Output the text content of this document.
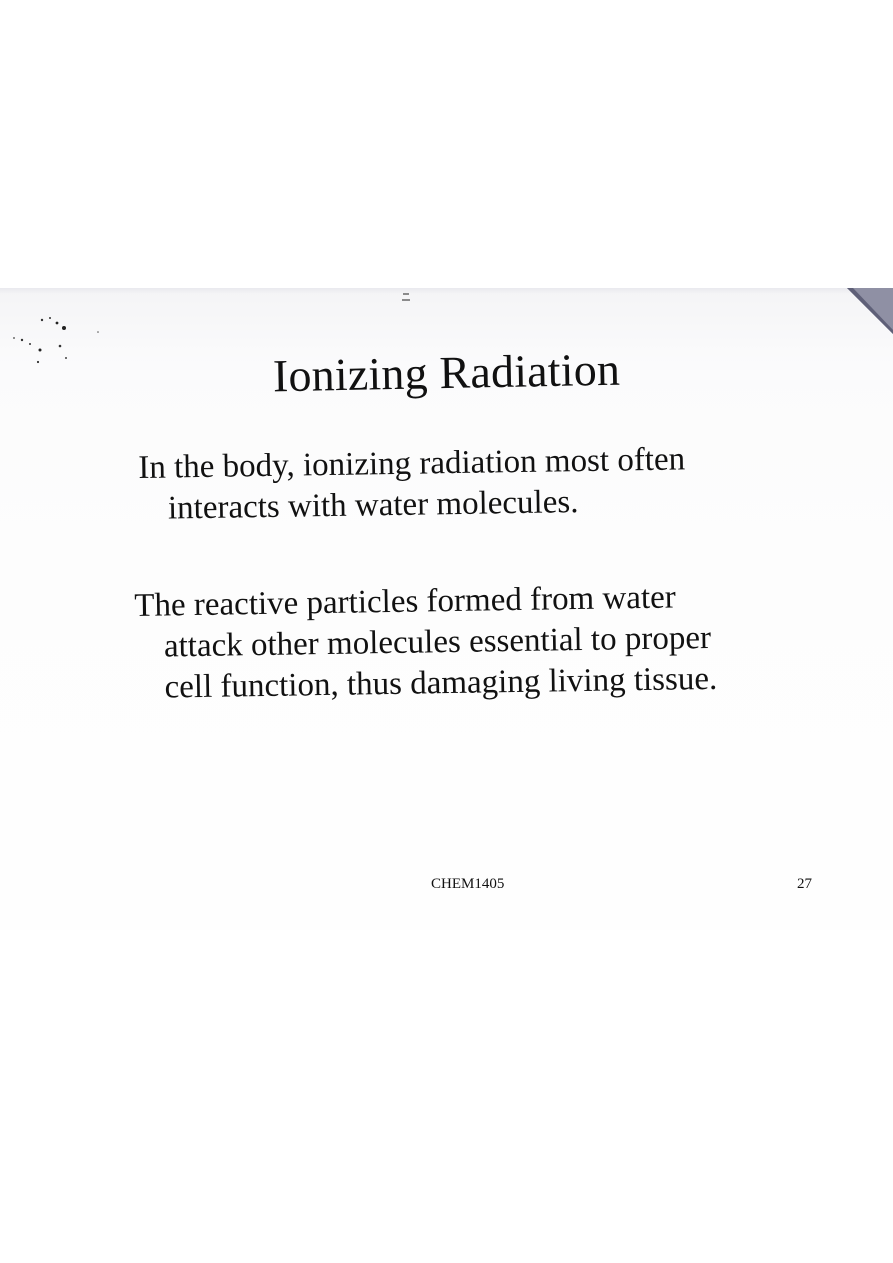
Ionizing Radiation
In the body, ionizing radiation most often
interacts with water molecules.
The reactive particles formed from water
attack other molecules essential to proper
cell function, thus damaging living tissue.
CHEM1405	27
